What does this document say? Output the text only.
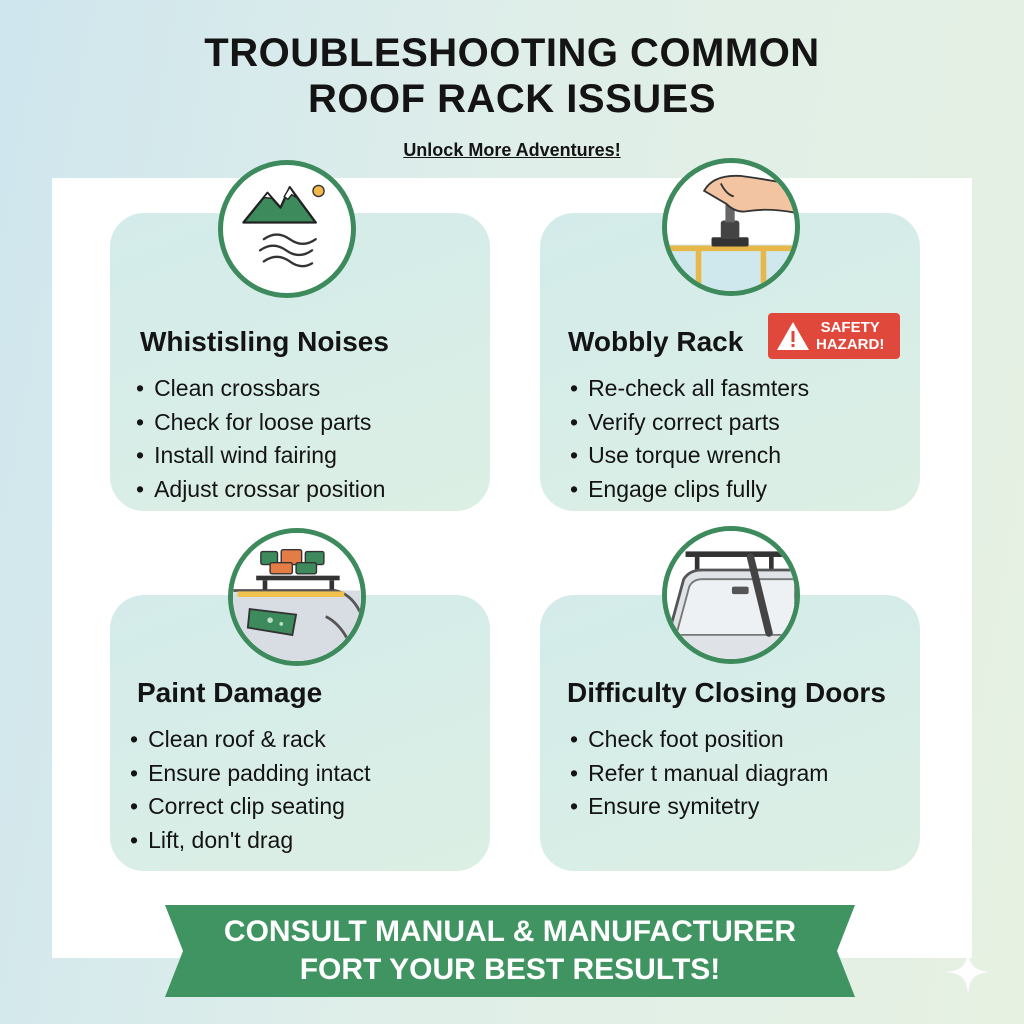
TROUBLESHOOTING COMMON
ROOF RACK ISSUES
Unlock More Adventures!
Whistisling Noises
• Clean crossbars
• Check for loose parts
• Install wind fairing
• Adjust crossar position
Wobbly Rack
• Re-check all fasmters
• Verify correct parts
• Use torque wrench
• Engage clips fully
SAFETY
HAZARD!
Paint Damage
• Clean roof & rack
• Ensure padding intact
• Correct clip seating
• Lift, don't drag
Difficulty Closing Doors
• Check foot position
• Refer t manual diagram
• Ensure symitetry
CONSULT MANUAL & MANUFACTURER
FORT YOUR BEST RESULTS!
